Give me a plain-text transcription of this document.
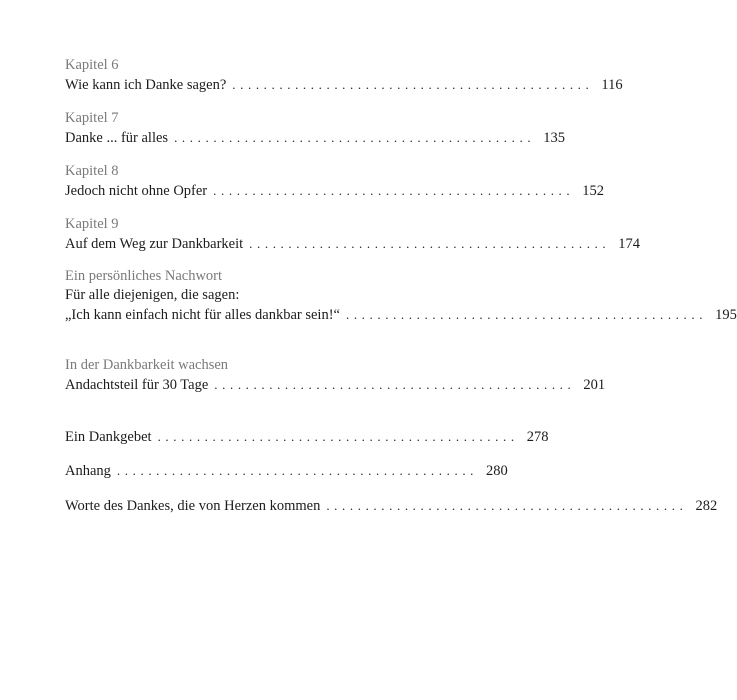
Kapitel 6
Wie kann ich Danke sagen? .............................................. 116
Kapitel 7
Danke ... für alles .............................................. 135
Kapitel 8
Jedoch nicht ohne Opfer .............................................. 152
Kapitel 9
Auf dem Weg zur Dankbarkeit .............................................. 174
Ein persönliches Nachwort
Für alle diejenigen, die sagen:
„Ich kann einfach nicht für alles dankbar sein!“ .............................................. 195
In der Dankbarkeit wachsen
Andachtsteil für 30 Tage .............................................. 201
Ein Dankgebet .............................................. 278
Anhang .............................................. 280
Worte des Dankes, die von Herzen kommen .............................................. 282
